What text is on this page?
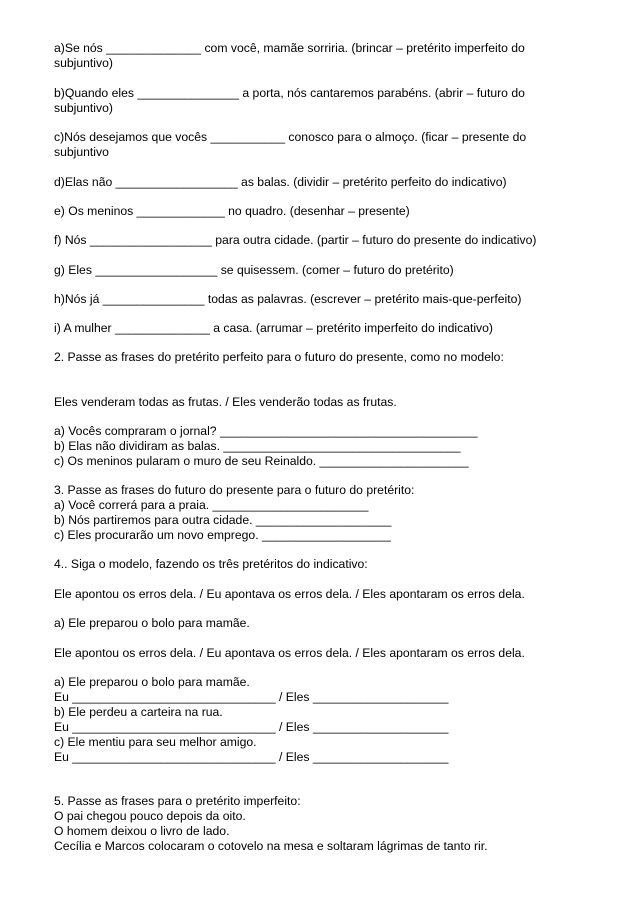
a)Se nós ______________ com você, mamãe sorriria. (brincar – pretérito imperfeito do
subjuntivo)
b)Quando eles _______________ a porta, nós cantaremos parabéns. (abrir – futuro do
subjuntivo)
c)Nós desejamos que vocês ___________ conosco para o almoço. (ficar – presente do
subjuntivo
d)Elas não __________________ as balas. (dividir – pretérito perfeito do indicativo)
e) Os meninos _____________ no quadro. (desenhar – presente)
f) Nós __________________ para outra cidade. (partir – futuro do presente do indicativo)
g) Eles __________________ se quisessem. (comer – futuro do pretérito)
h)Nós já _______________ todas as palavras. (escrever – pretérito mais-que-perfeito)
i) A mulher ______________ a casa. (arrumar – pretérito imperfeito do indicativo)
2. Passe as frases do pretérito perfeito para o futuro do presente, como no modelo:
Eles venderam todas as frutas. / Eles venderão todas as frutas.
a) Vocês compraram o jornal? ______________________________________
b) Elas não dividiram as balas. ___________________________________
c) Os meninos pularam o muro de seu Reinaldo. ______________________
3. Passe as frases do futuro do presente para o futuro do pretérito:
a) Você correrá para a praia. _______________________
b) Nós partiremos para outra cidade. ____________________
c) Eles procurarão um novo emprego. ___________________
4.. Siga o modelo, fazendo os três pretéritos do indicativo:
Ele apontou os erros dela. / Eu apontava os erros dela. / Eles apontaram os erros dela.
a) Ele preparou o bolo para mamãe.
Ele apontou os erros dela. / Eu apontava os erros dela. / Eles apontaram os erros dela.
a) Ele preparou o bolo para mamãe.
Eu ______________________________ / Eles ____________________
b) Ele perdeu a carteira na rua.
Eu ______________________________ / Eles ____________________
c) Ele mentiu para seu melhor amigo.
Eu ______________________________ / Eles ____________________
5. Passe as frases para o pretérito imperfeito:
O pai chegou pouco depois da oito.
O homem deixou o livro de lado.
Cecília e Marcos colocaram o cotovelo na mesa e soltaram lágrimas de tanto rir.
